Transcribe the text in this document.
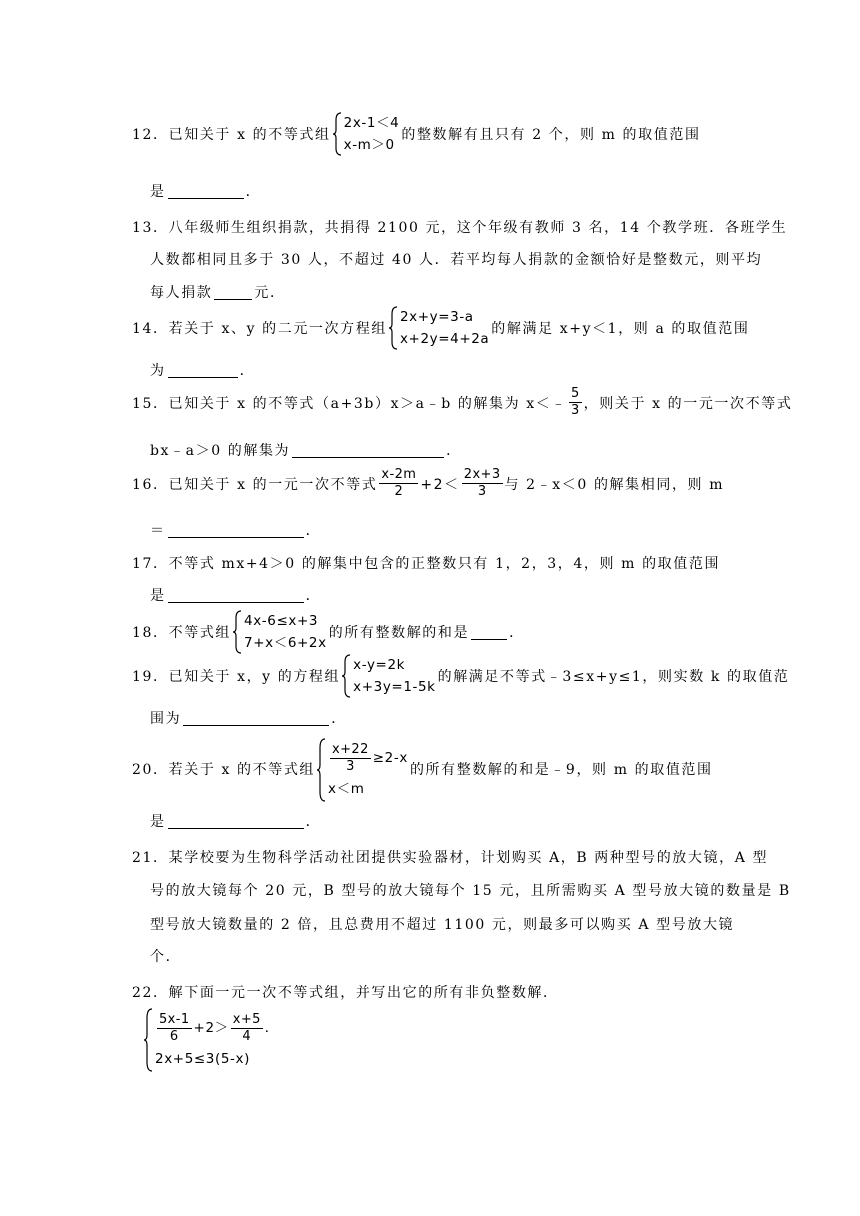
12． 已知关于 x 的不等式组
2x-1＜4
x-m＞0
的整数解有且只有 2 个，则 m 的取值范围
是	．
13．八年级师生组织捐款，共捐得 2100 元，这个年级有教师 3 名，14 个教学班．各班学生
人数都相同且多于 30 人，不超过 40 人．若平均每人捐款的金额恰好是整数元，则平均
每人捐款	元．
14． 若关于 x、y 的二元一次方程组
2x+y=3-a
x+2y=4+2a
的解满足 x+y＜1，则 a 的取值范围
为	．
15． 已知关于 x 的不等式（a+3b）x＞a﹣b 的解集为 x＜﹣ $\frac{5}{3}$ ，则关于 x 的一元一次不等式
bx﹣a＞0 的解集为	．
16． 已知关于 x 的一元一次不等式 $\frac{x-2m}{2} +2< \frac{2x+3}{3}$ 与 2﹣x＜0 的解集相同，则 m
＝	．
17．不等式 mx+4＞0 的解集中包含的正整数只有 1，2，3，4，则 m 的取值范围
是	．
18． 不等式组
4x-6≤x+3
7+x＜6+2x
的所有整数解的和是	．
19． 已知关于 x，y 的方程组
x-y=2k
x+3y=1-5k
的解满足不等式﹣3≤x+y≤1，则实数 k 的取值范
围为	．
20． 若关于 x 的不等式组 $\frac{x+22}{3} \ge 2-x$
x＜m
的所有整数解的和是﹣9，则 m 的取值范围
是	．
21．某学校要为生物科学活动社团提供实验器材，计划购买 A，B 两种型号的放大镜，A 型
号的放大镜每个 20 元，B 型号的放大镜每个 15 元，且所需购买 A 型号放大镜的数量是 B
型号放大镜数量的 2 倍，且总费用不超过 1100 元，则最多可以购买 A 型号放大镜
个．
22．解下面一元一次不等式组，并写出它的所有非负整数解．
$\frac{5x-1}{6} +2> \frac{x+5}{4}$ ．
2x+5≤3(5-x)
